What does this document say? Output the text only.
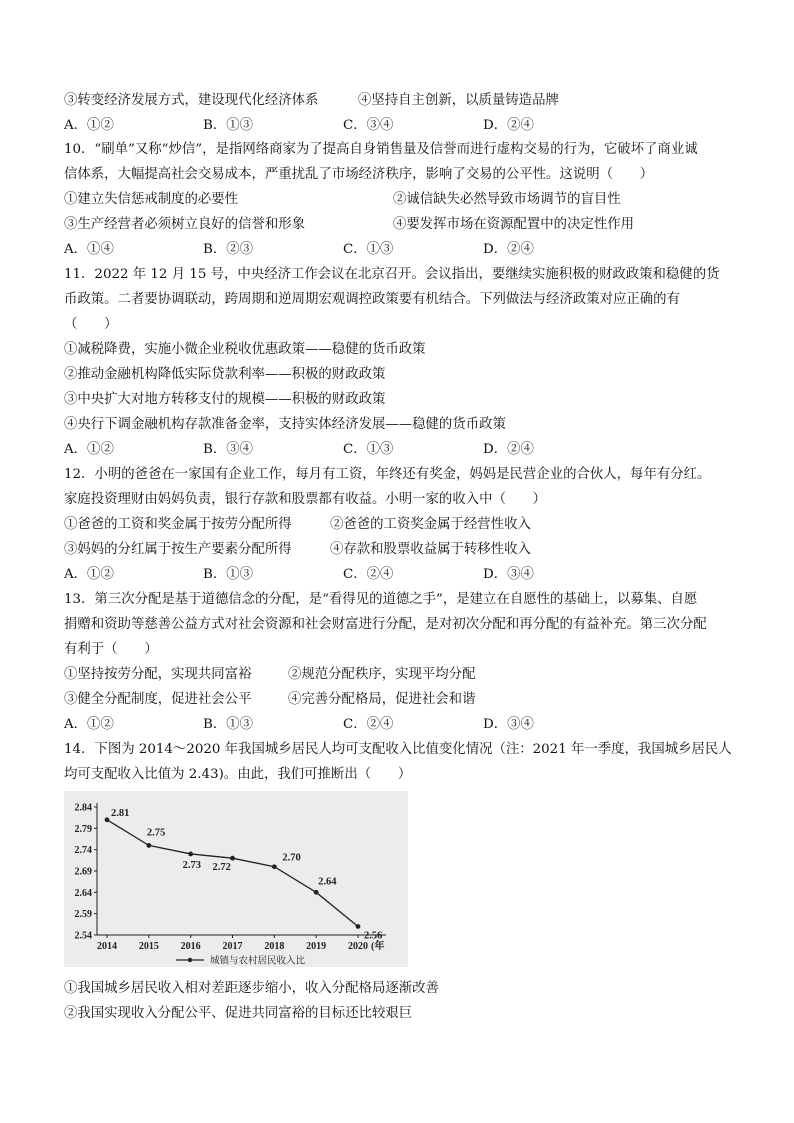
③转变经济发展方式，建设现代化经济体系	④坚持自主创新，以质量铸造品牌
A．①②	B．①③	C．③④	D．②④
10．“刷单”又称“炒信”，是指网络商家为了提高自身销售量及信誉而进行虚构交易的行为，它破坏了商业诚
信体系，大幅提高社会交易成本，严重扰乱了市场经济秩序，影响了交易的公平性。这说明（　　）
①建立失信惩戒制度的必要性	②诚信缺失必然导致市场调节的盲目性
③生产经营者必须树立良好的信誉和形象	④要发挥市场在资源配置中的决定性作用
A．①④	B．②③	C．①③	D．②④
11．2022 年 12 月 15 号，中央经济工作会议在北京召开。会议指出，要继续实施积极的财政政策和稳健的货
币政策。二者要协调联动，跨周期和逆周期宏观调控政策要有机结合。下列做法与经济政策对应正确的有
（　　）
①减税降费，实施小微企业税收优惠政策——稳健的货币政策
②推动金融机构降低实际贷款利率——积极的财政政策
③中央扩大对地方转移支付的规模——积极的财政政策
④央行下调金融机构存款准备金率，支持实体经济发展——稳健的货币政策
A．①②	B．③④	C．①③	D．②④
12．小明的爸爸在一家国有企业工作，每月有工资，年终还有奖金，妈妈是民营企业的合伙人，每年有分红。
家庭投资理财由妈妈负责，银行存款和股票都有收益。小明一家的收入中（　　）
①爸爸的工资和奖金属于按劳分配所得	②爸爸的工资奖金属于经营性收入
③妈妈的分红属于按生产要素分配所得	④存款和股票收益属于转移性收入
A．①②	B．①③	C．②④	D．③④
13．第三次分配是基于道德信念的分配，是“看得见的道德之手”，是建立在自愿性的基础上，以募集、自愿
捐赠和资助等慈善公益方式对社会资源和社会财富进行分配，是对初次分配和再分配的有益补充。第三次分配
有利于（　　）
①坚持按劳分配，实现共同富裕	②规范分配秩序，实现平均分配
③健全分配制度，促进社会公平	④完善分配格局，促进社会和谐
A．①②	B．①③	C．②④	D．③④
14．下图为 2014～2020 年我国城乡居民人均可支配收入比值变化情况（注：2021 年一季度，我国城乡居民人
均可支配收入比值为 2.43)。由此，我们可推断出（　　）
2.84
2.79
2.74
2.69
2.64
2.59
2.54
2014 2015 2016 2017 2018 2019 2020 (年
2.81
2.75
2.73 2.72
2.70
2.64
2.56
城镇与农村居民收入比
①我国城乡居民收入相对差距逐步缩小，收入分配格局逐渐改善
②我国实现收入分配公平、促进共同富裕的目标还比较艰巨
